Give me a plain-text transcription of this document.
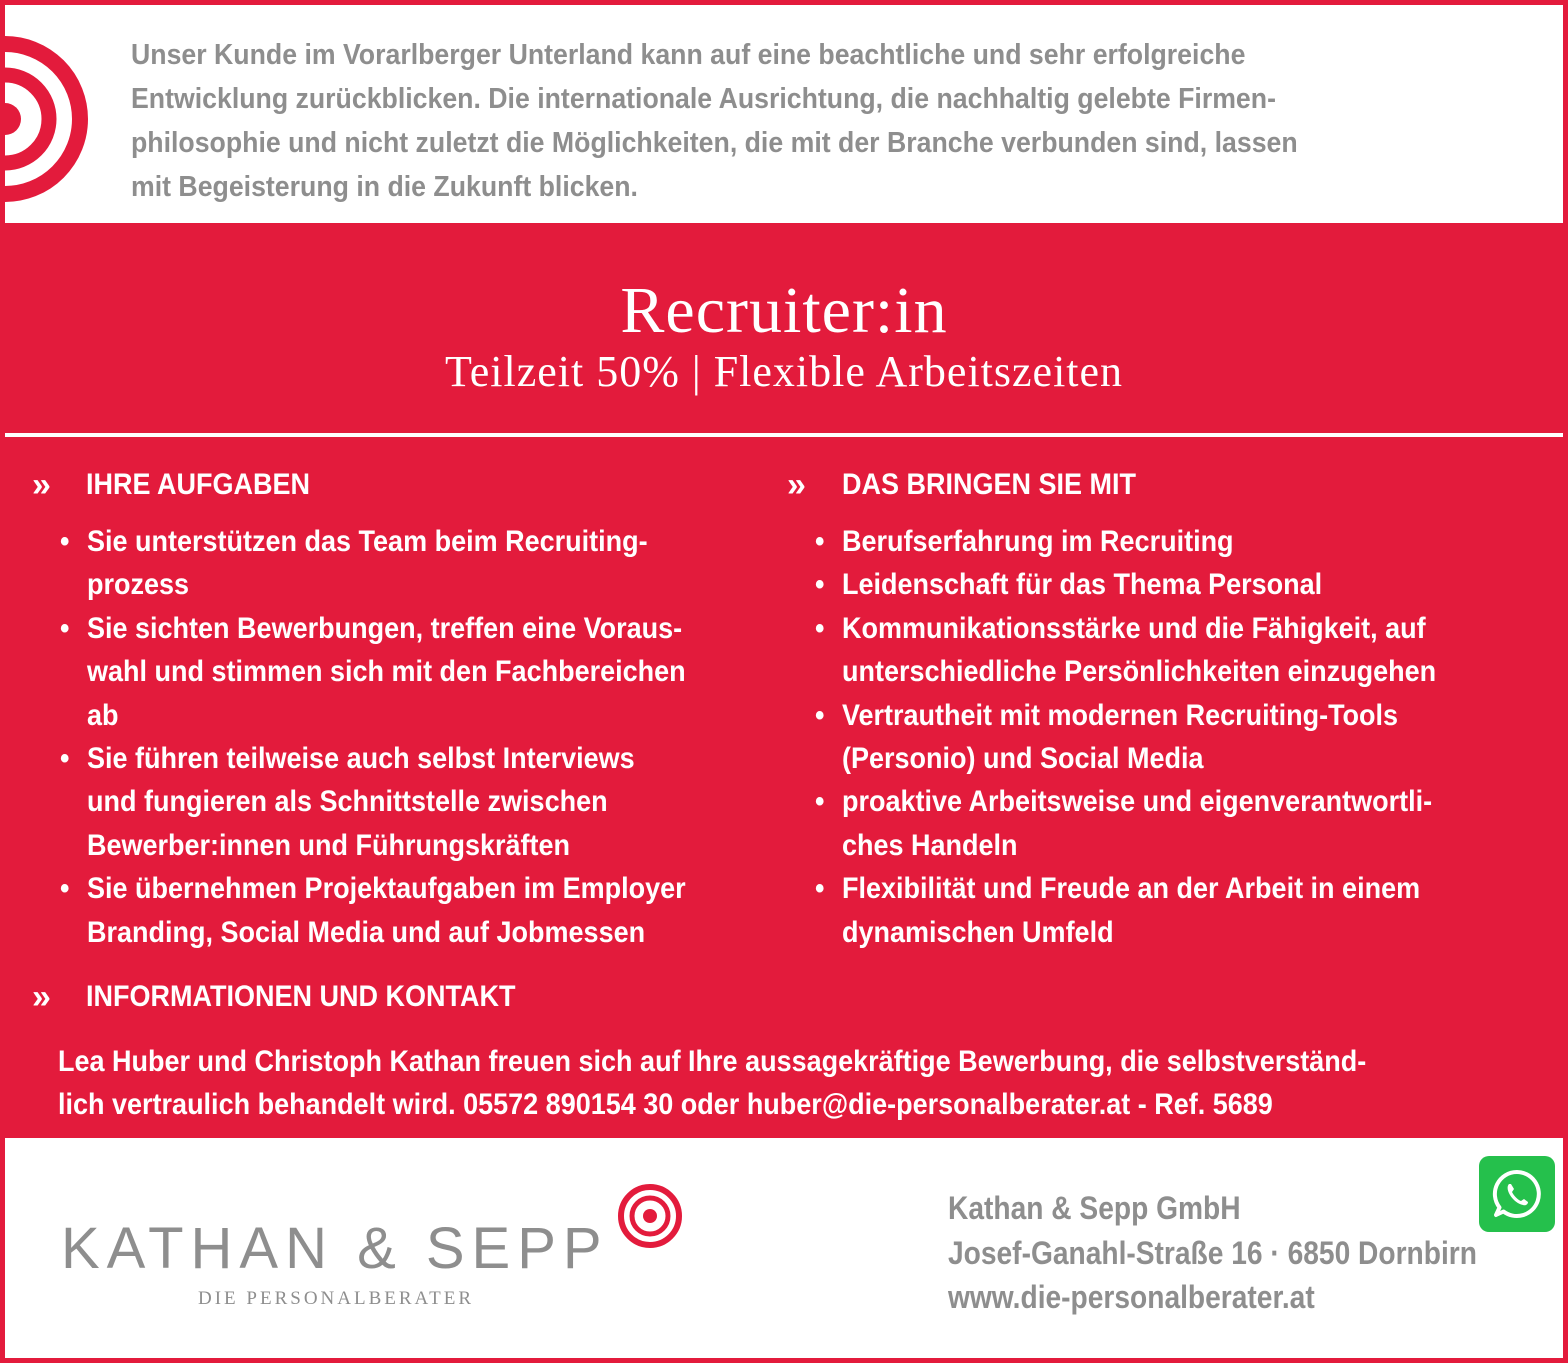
Unser Kunde im Vorarlberger Unterland kann auf eine beachtliche und sehr erfolgreiche
Entwicklung zurückblicken. Die internationale Ausrichtung, die nachhaltig gelebte Firmen-
philosophie und nicht zuletzt die Möglichkeiten, die mit der Branche verbunden sind, lassen
mit Begeisterung in die Zukunft blicken.
Recruiter:in
Teilzeit 50% | Flexible Arbeitszeiten
» IHRE AUFGABEN	» DAS BRINGEN SIE MIT
• Sie unterstützen das Team beim Recruiting-
prozess
• Sie sichten Bewerbungen, treffen eine Voraus-
wahl und stimmen sich mit den Fachbereichen
ab
• Sie führen teilweise auch selbst Interviews
und fungieren als Schnittstelle zwischen
Bewerber:innen und Führungskräften
• Sie übernehmen Projektaufgaben im Employer
Branding, Social Media und auf Jobmessen
• Berufserfahrung im Recruiting
• Leidenschaft für das Thema Personal
• Kommunikationsstärke und die Fähigkeit, auf
unterschiedliche Persönlichkeiten einzugehen
• Vertrautheit mit modernen Recruiting-Tools
(Personio) und Social Media
• proaktive Arbeitsweise und eigenverantwortli-
ches Handeln
• Flexibilität und Freude an der Arbeit in einem
dynamischen Umfeld
» INFORMATIONEN UND KONTAKT
Lea Huber und Christoph Kathan freuen sich auf Ihre aussagekräftige Bewerbung, die selbstverständ-
lich vertraulich behandelt wird. 05572 890154 30 oder huber@die-personalberater.at - Ref. 5689
KATHAN & SEPP
DIE PERSONALBERATER
Kathan & Sepp GmbH
Josef-Ganahl-Straße 16 · 6850 Dornbirn
www.die-personalberater.at
